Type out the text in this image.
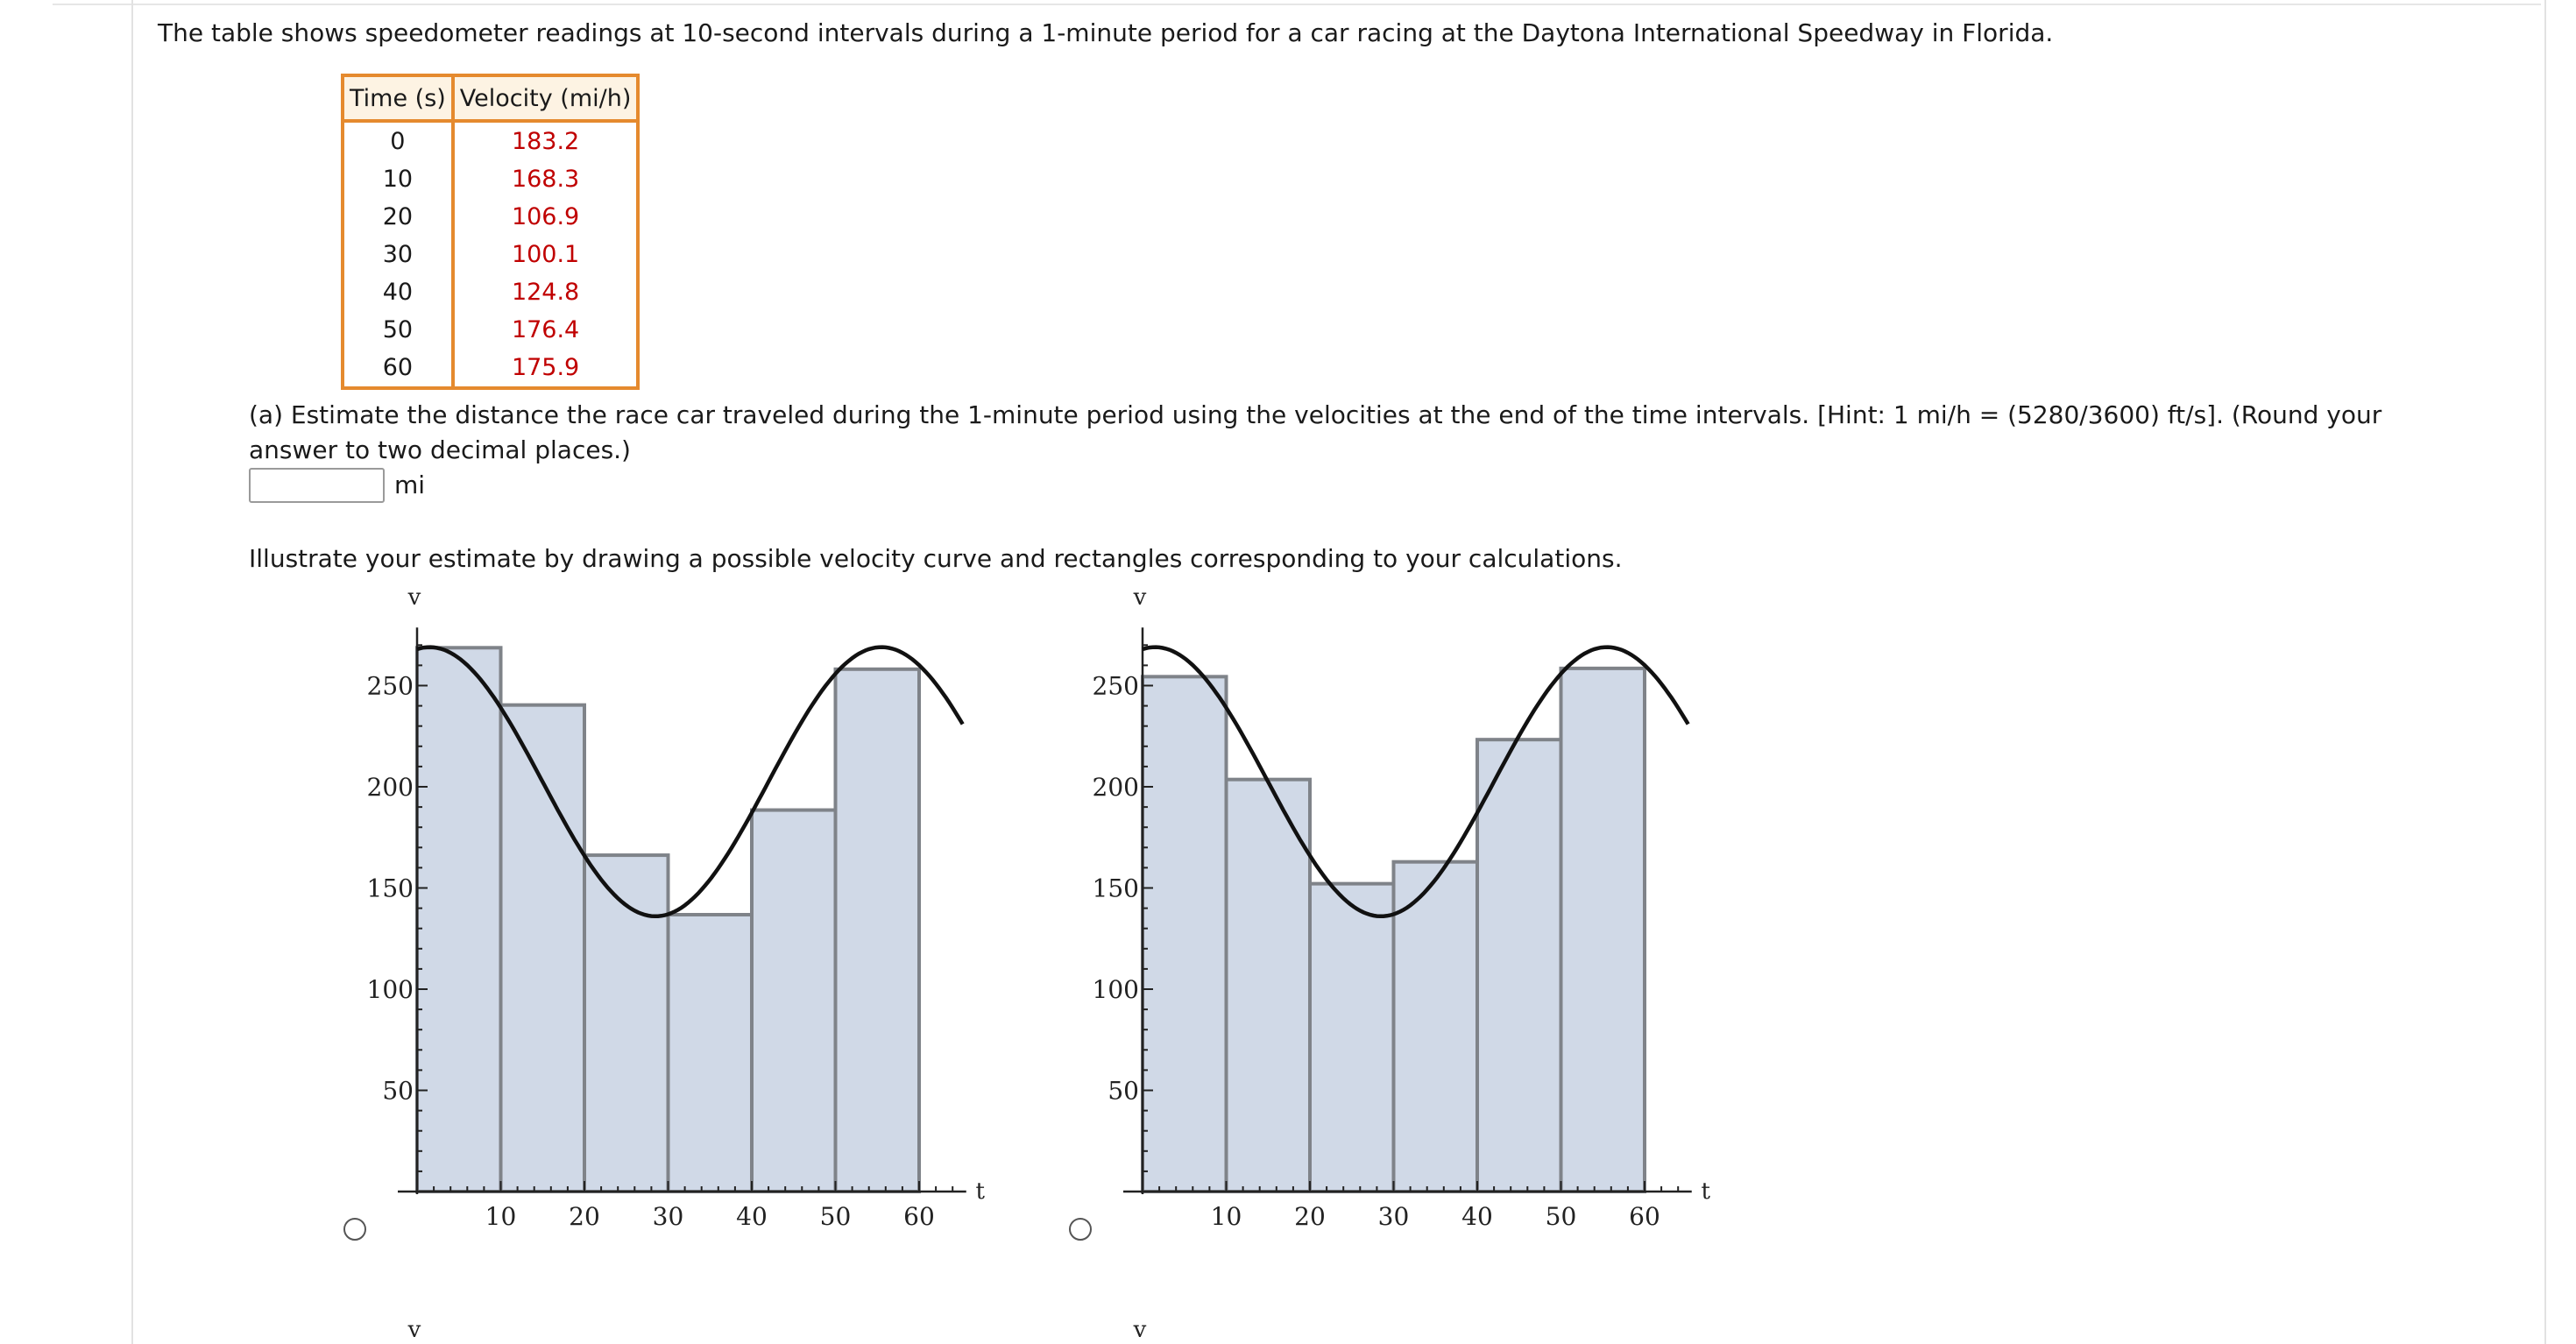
The table shows speedometer readings at 10-second intervals during a 1-minute period for a car racing at the Daytona International Speedway in Florida.
Time (s)	Velocity (mi/h)
0	183.2
10	168.3
20	106.9
30	100.1
40	124.8
50	176.4
60	175.9
(a) Estimate the distance the race car traveled during the 1-minute period using the velocities at the end of the time intervals. [Hint: 1 mi/h = (5280/3600) ft/s]. (Round your answer to two decimal places.)
mi
Illustrate your estimate by drawing a possible velocity curve and rectangles corresponding to your calculations.
10 20 30 40 50 60
50
100
150
200
250
v
t
10 20 30 40 50 60
50
100
150
200
250
v
t
v	v
